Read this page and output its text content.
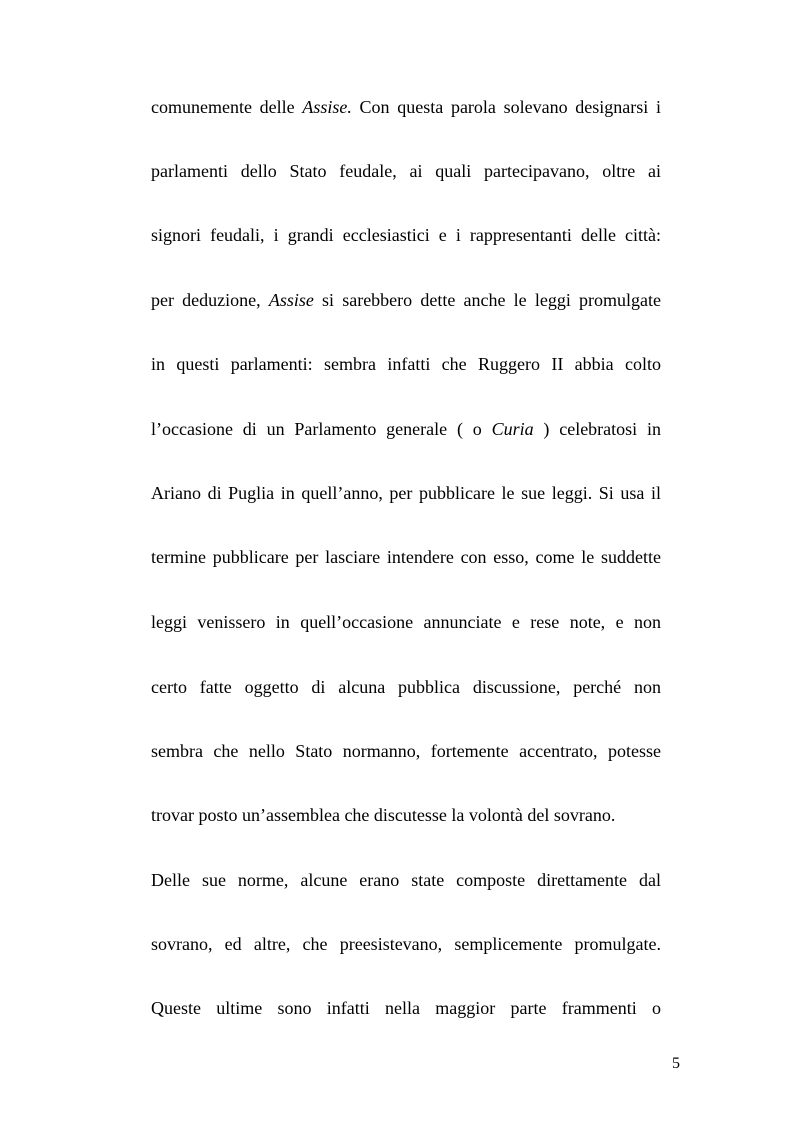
comunemente delle Assise. Con questa parola solevano designarsi i
parlamenti dello Stato feudale, ai quali partecipavano, oltre ai
signori feudali, i grandi ecclesiastici e i rappresentanti delle città:
per deduzione, Assise si sarebbero dette anche le leggi promulgate
in questi parlamenti: sembra infatti che Ruggero II abbia colto
l’occasione di un Parlamento generale ( o Curia ) celebratosi in
Ariano di Puglia in quell’anno, per pubblicare le sue leggi. Si usa il
termine pubblicare per lasciare intendere con esso, come le suddette
leggi venissero in quell’occasione annunciate e rese note, e non
certo fatte oggetto di alcuna pubblica discussione, perché non
sembra che nello Stato normanno, fortemente accentrato, potesse
trovar posto un’assemblea che discutesse la volontà del sovrano.
Delle sue norme, alcune erano state composte direttamente dal
sovrano, ed altre, che preesistevano, semplicemente promulgate.
Queste ultime sono infatti nella maggior parte frammenti o
5
